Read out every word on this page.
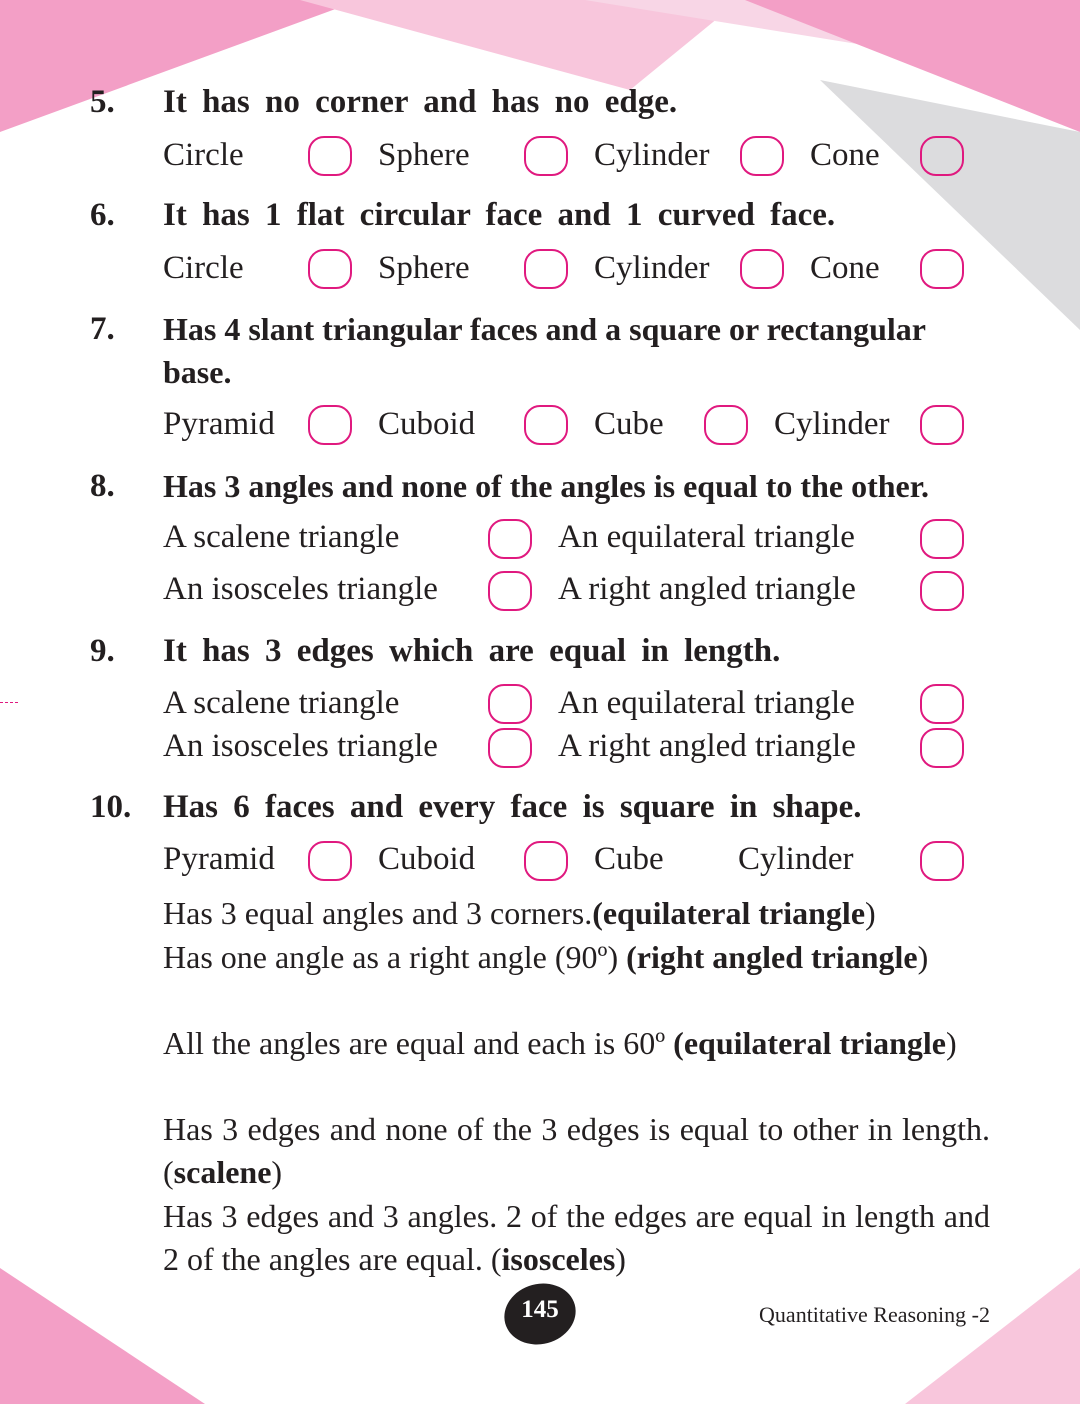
5. It has no corner and has no edge.
Circle	Sphere	Cylinder	Cone
6. It has 1 flat circular face and 1 curved face.
Circle	Sphere	Cylinder	Cone
7. Has 4 slant triangular faces and a square or rectangular base.
Pyramid	Cuboid	Cube	Cylinder
8. Has 3 angles and none of the angles is equal to the other.
A scalene triangle	An equilateral triangle
An isosceles triangle	A right angled triangle
9. It has 3 edges which are equal in length.
A scalene triangle	An equilateral triangle
An isosceles triangle	A right angled triangle
10. Has 6 faces and every face is square in shape.
Pyramid	Cuboid	Cube Cylinder
Has 3 equal angles and 3 corners.(equilateral triangle)
Has one angle as a right angle (90º) (right angled triangle)
All the angles are equal and each is 60º (equilateral triangle)
Has 3 edges and none of the 3 edges is equal to other in length. (scalene)
Has 3 edges and 3 angles. 2 of the edges are equal in length and 2 of the angles are equal. (isosceles)
145	Quantitative Reasoning -2
